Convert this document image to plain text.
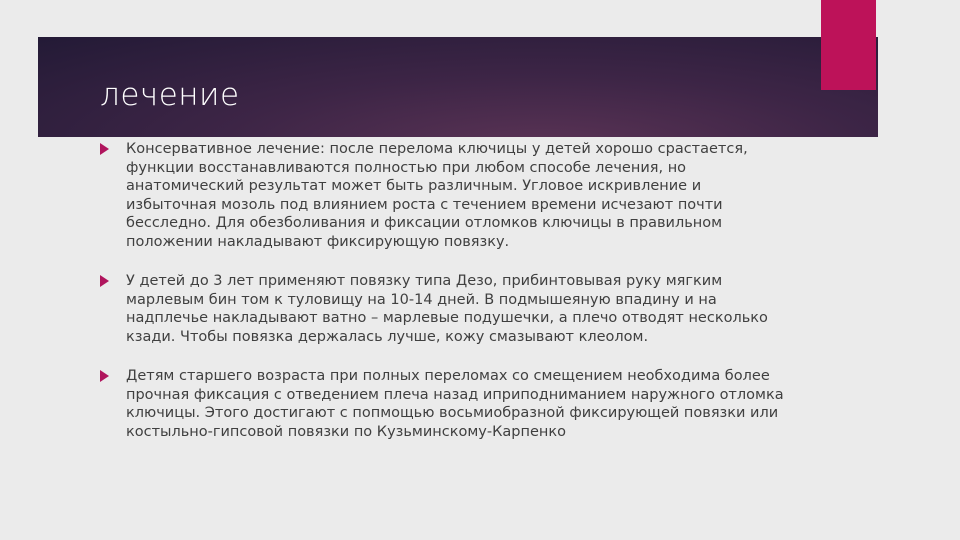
лечение

Консервативное лечение: после перелома ключицы у детей хорошо срастается, функции восстанавливаются полностью при любом способе лечения, но анатомический результат может быть различным. Угловое искривление и избыточная мозоль под влиянием роста с течением времени исчезают почти бесследно. Для обезболивания и фиксации отломков ключицы в правильном положении накладывают фиксирующую повязку.

У детей до 3 лет применяют повязку типа Дезо, прибинтовывая руку мягким марлевым бин том к туловищу на 10-14 дней. В подмышеяную впадину и на надплечье накладывают ватно – марлевые подушечки, а плечо отводят несколько кзади. Чтобы повязка держалась лучше, кожу смазывают клеолом.

Детям старшего возраста при полных переломах со смещением необходима более прочная фиксация с отведением плеча назад иприподниманием наружного отломка ключицы. Этого достигают с попмощью восьмиобразной фиксирующей повязки или костыльно-гипсовой повязки по Кузьминскому-Карпенко
